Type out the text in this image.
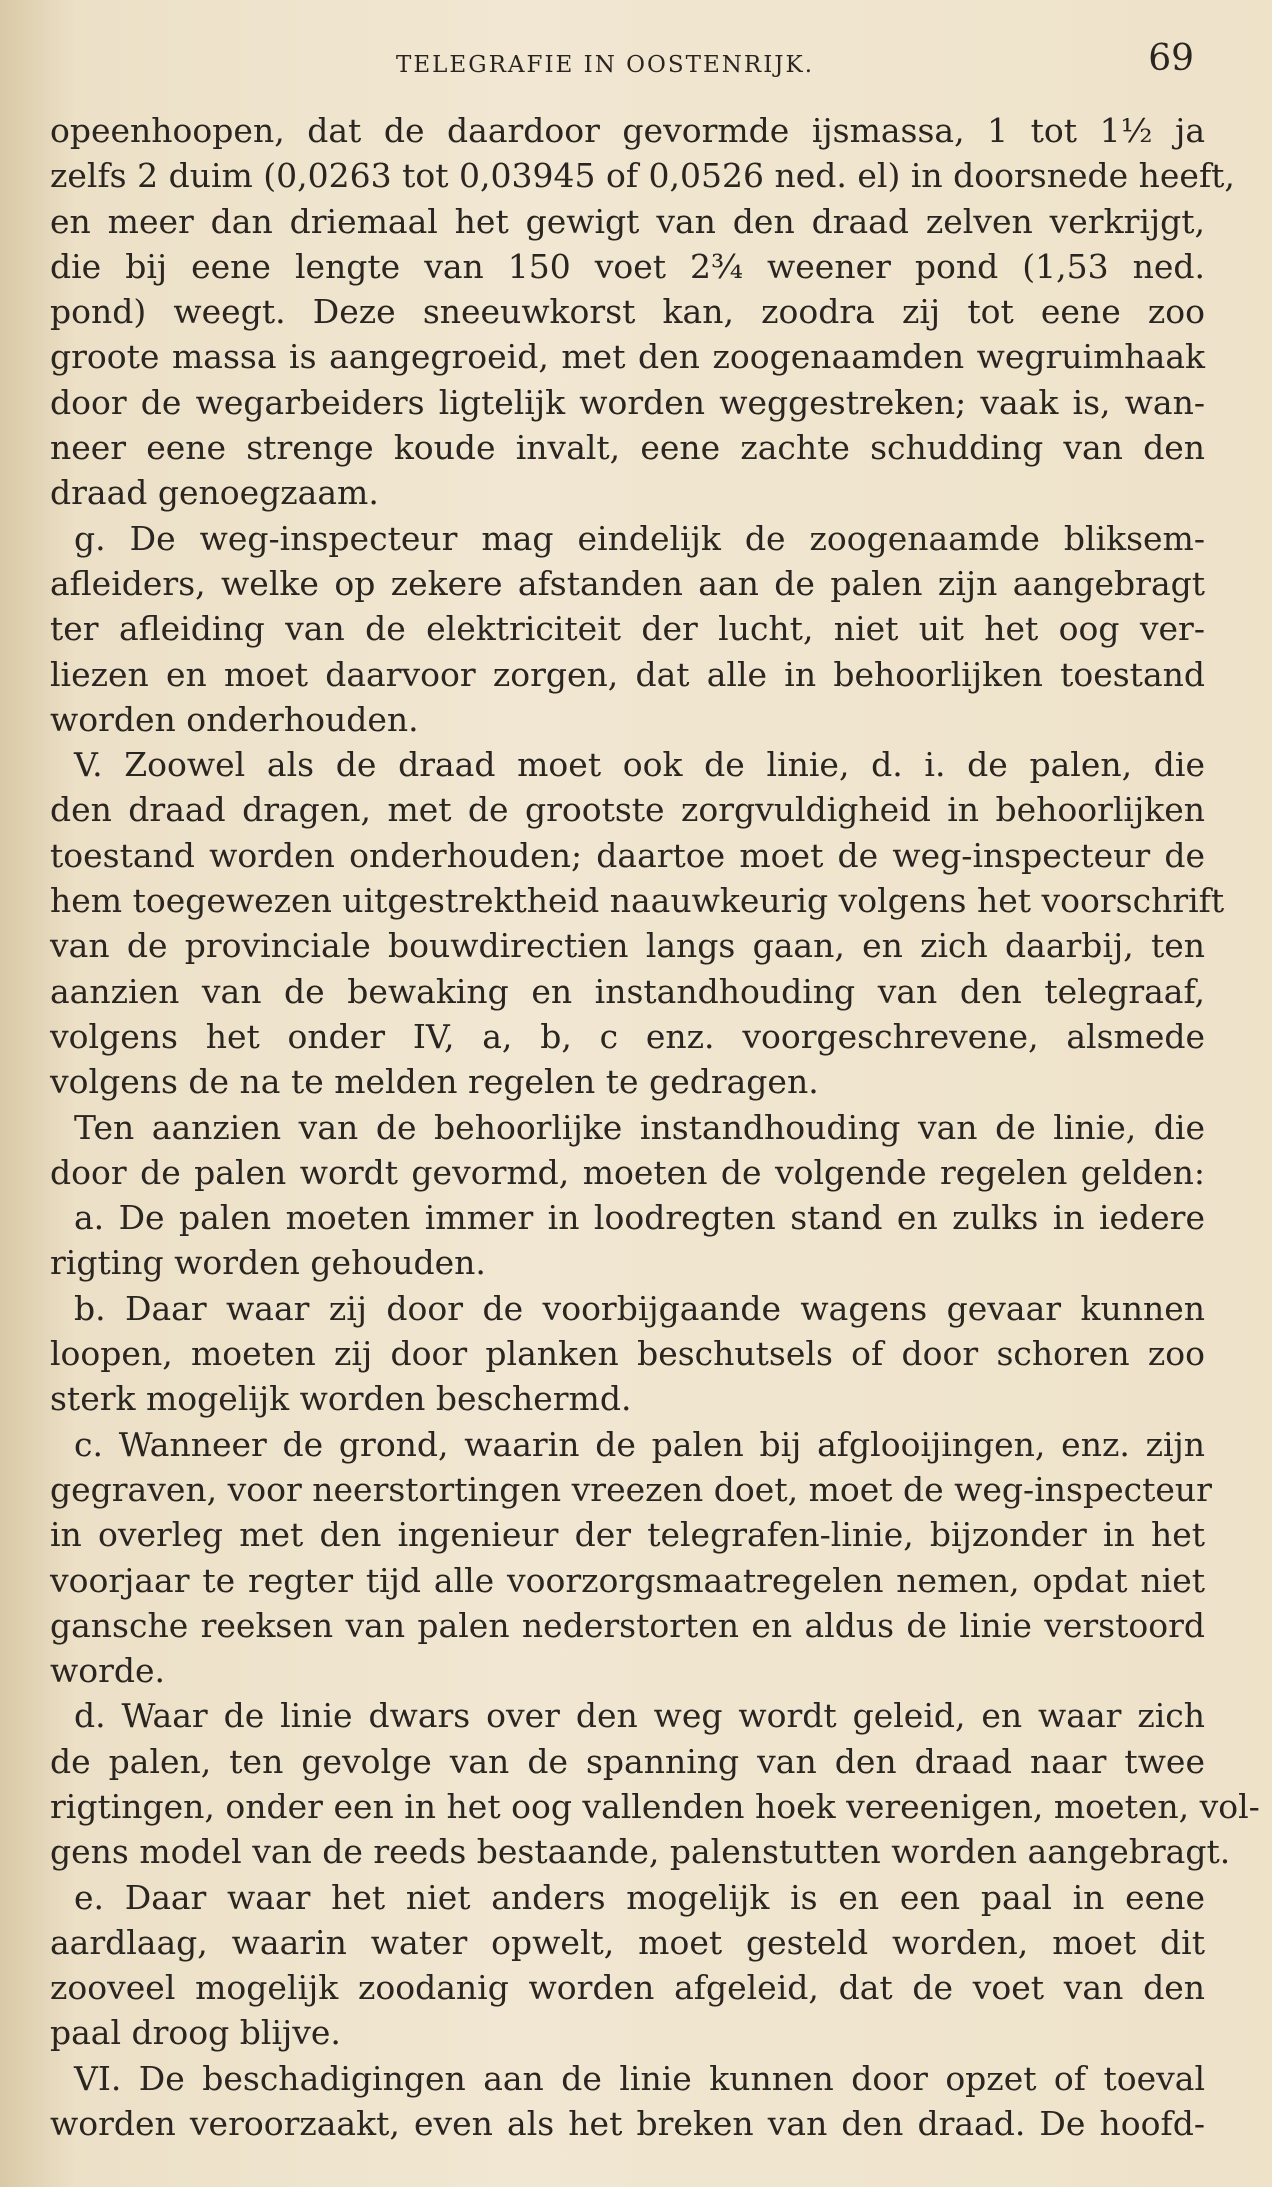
TELEGRAFIE IN OOSTENRIJK.	69
opeenhoopen, dat de daardoor gevormde ijsmassa, 1 tot 1½ ja
zelfs 2 duim (0,0263 tot 0,03945 of 0,0526 ned. el) in doorsnede heeft,
en meer dan driemaal het gewigt van den draad zelven verkrijgt,
die bij eene lengte van 150 voet 2¾ weener pond (1,53 ned.
pond) weegt. Deze sneeuwkorst kan, zoodra zij tot eene zoo
groote massa is aangegroeid, met den zoogenaamden wegruimhaak
door de wegarbeiders ligtelijk worden weggestreken; vaak is, wan-
neer eene strenge koude invalt, eene zachte schudding van den
draad genoegzaam.
g. De weg-inspecteur mag eindelijk de zoogenaamde bliksem-
afleiders, welke op zekere afstanden aan de palen zijn aangebragt
ter afleiding van de elektriciteit der lucht, niet uit het oog ver-
liezen en moet daarvoor zorgen, dat alle in behoorlijken toestand
worden onderhouden.
V. Zoowel als de draad moet ook de linie, d. i. de palen, die
den draad dragen, met de grootste zorgvuldigheid in behoorlijken
toestand worden onderhouden; daartoe moet de weg-inspecteur de
hem toegewezen uitgestrektheid naauwkeurig volgens het voorschrift
van de provinciale bouwdirectien langs gaan, en zich daarbij, ten
aanzien van de bewaking en instandhouding van den telegraaf,
volgens het onder IV, a, b, c enz. voorgeschrevene, alsmede
volgens de na te melden regelen te gedragen.
Ten aanzien van de behoorlijke instandhouding van de linie, die
door de palen wordt gevormd, moeten de volgende regelen gelden:
a. De palen moeten immer in loodregten stand en zulks in iedere
rigting worden gehouden.
b. Daar waar zij door de voorbijgaande wagens gevaar kunnen
loopen, moeten zij door planken beschutsels of door schoren zoo
sterk mogelijk worden beschermd.
c. Wanneer de grond, waarin de palen bij afglooijingen, enz. zijn
gegraven, voor neerstortingen vreezen doet, moet de weg-inspecteur
in overleg met den ingenieur der telegrafen-linie, bijzonder in het
voorjaar te regter tijd alle voorzorgsmaatregelen nemen, opdat niet
gansche reeksen van palen nederstorten en aldus de linie verstoord
worde.
d. Waar de linie dwars over den weg wordt geleid, en waar zich
de palen, ten gevolge van de spanning van den draad naar twee
rigtingen, onder een in het oog vallenden hoek vereenigen, moeten, vol-
gens model van de reeds bestaande, palenstutten worden aangebragt.
e. Daar waar het niet anders mogelijk is en een paal in eene
aardlaag, waarin water opwelt, moet gesteld worden, moet dit
zooveel mogelijk zoodanig worden afgeleid, dat de voet van den
paal droog blijve.
VI. De beschadigingen aan de linie kunnen door opzet of toeval
worden veroorzaakt, even als het breken van den draad. De hoofd-
